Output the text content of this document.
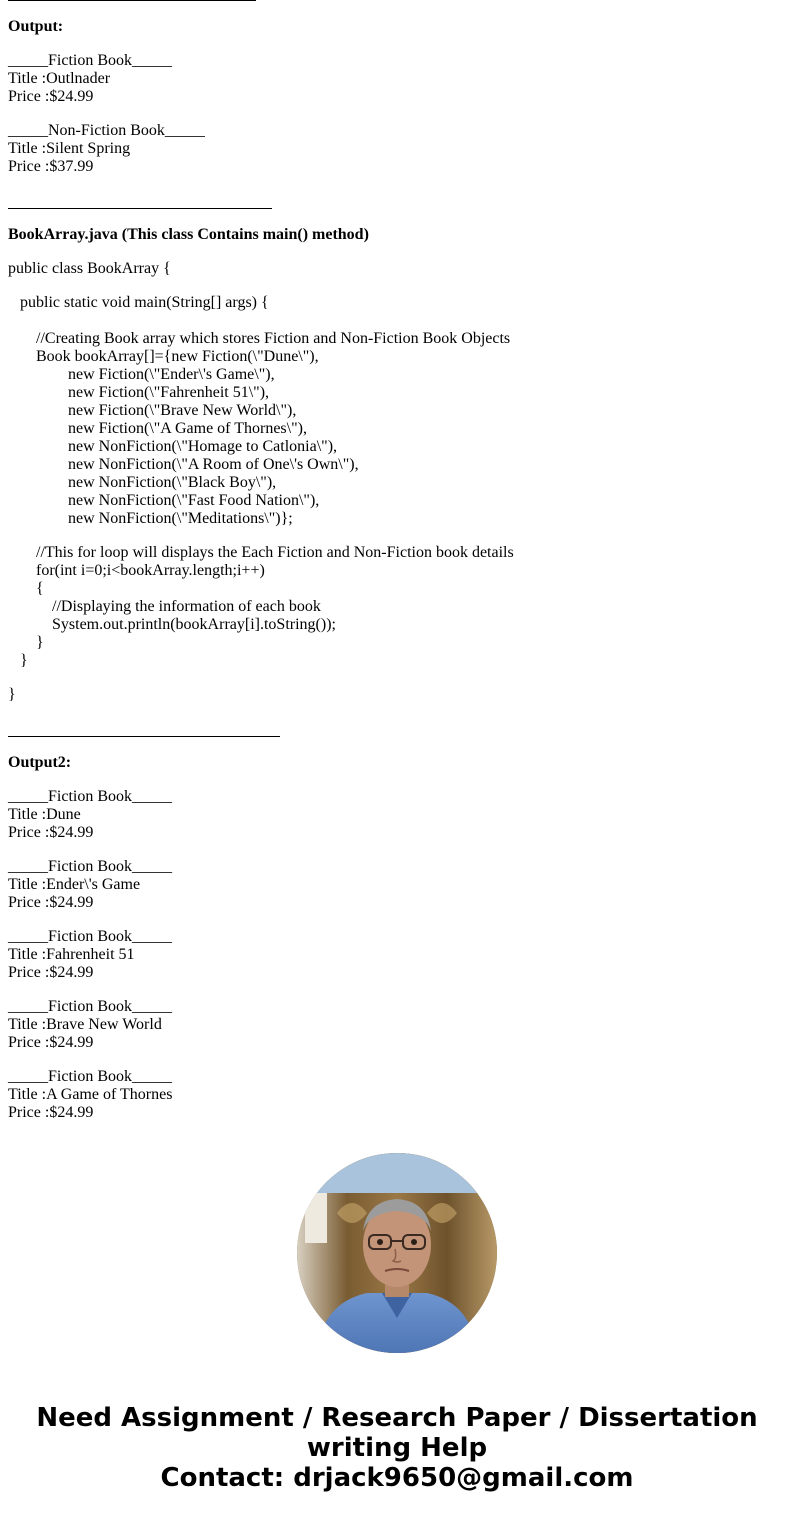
Output:
_____Fiction Book_____
Title :Outlnader
Price :$24.99
_____Non-Fiction Book_____
Title :Silent Spring
Price :$37.99
BookArray.java (This class Contains main() method)
public class BookArray {
public static void main(String[] args) {
//Creating Book array which stores Fiction and Non-Fiction Book Objects
Book bookArray[]={new Fiction(\"Dune\"),
new Fiction(\"Ender\'s Game\"),
new Fiction(\"Fahrenheit 51\"),
new Fiction(\"Brave New World\"),
new Fiction(\"A Game of Thornes\"),
new NonFiction(\"Homage to Catlonia\"),
new NonFiction(\"A Room of One\'s Own\"),
new NonFiction(\"Black Boy\"),
new NonFiction(\"Fast Food Nation\"),
new NonFiction(\"Meditations\")};
//This for loop will displays the Each Fiction and Non-Fiction book details
for(int i=0;i<bookArray.length;i++)
{
//Displaying the information of each book
System.out.println(bookArray[i].toString());
}
}
}
Output2:
_____Fiction Book_____
Title :Dune
Price :$24.99
_____Fiction Book_____
Title :Ender\'s Game
Price :$24.99
_____Fiction Book_____
Title :Fahrenheit 51
Price :$24.99
_____Fiction Book_____
Title :Brave New World
Price :$24.99
_____Fiction Book_____
Title :A Game of Thornes
Price :$24.99
Need Assignment / Research Paper / Dissertation
writing Help
Contact: drjack9650@gmail.com
